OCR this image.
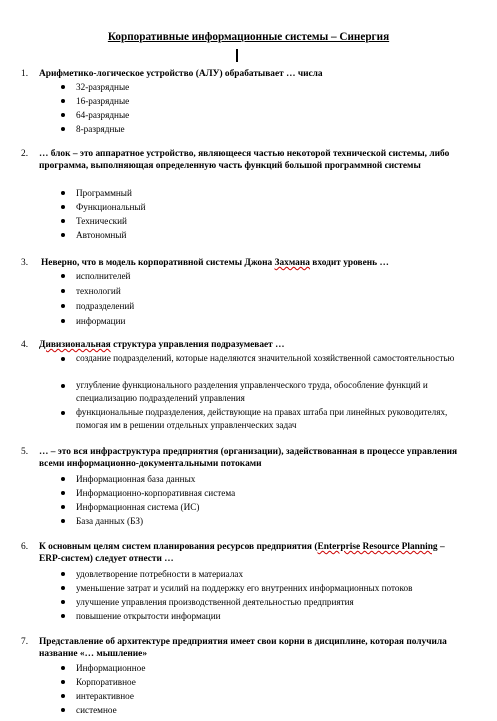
Корпоративные информационные системы – Синергия
1. Арифметико-логическое устройство (АЛУ) обрабатывает … числа

32-разрядные
16-разрядные
64-разрядные
8-разрядные
2. … блок – это аппаратное устройство, являющееся частью некоторой технической системы, либо программа, выполняющая определенную часть функций большой программной системы

Программный
Функциональный
Технический
Автономный
3. Неверно, что в модель корпоративной системы Джона Захмана входит уровень …

исполнителей
технологий
подразделений
информации
4. Дивизиональная структура управления подразумевает …

создание подразделений, которые наделяются значительной хозяйственной самостоятельностью
углубление функционального разделения управленческого труда, обособление функций и специализацию подразделений управления
функциональные подразделения, действующие на правах штаба при линейных руководителях, помогая им в решении отдельных управленческих задач
5. … – это вся инфраструктура предприятия (организации), задействованная в процессе управления всеми информационно-документальными потоками

Информационная база данных
Информационно-корпоративная система
Информационная система (ИС)
База данных (БЗ)
6. К основным целям систем планирования ресурсов предприятия (Enterprise Resource Planning – ERP-систем) следует отнести …

удовлетворение потребности в материалах
уменьшение затрат и усилий на поддержку его внутренних информационных потоков
улучшение управления производственной деятельностью предприятия
повышение открытости информации
7. Представление об архитектуре предприятия имеет свои корни в дисциплине, которая получила название «… мышление»

Информационное
Корпоративное
интерактивное
системное
